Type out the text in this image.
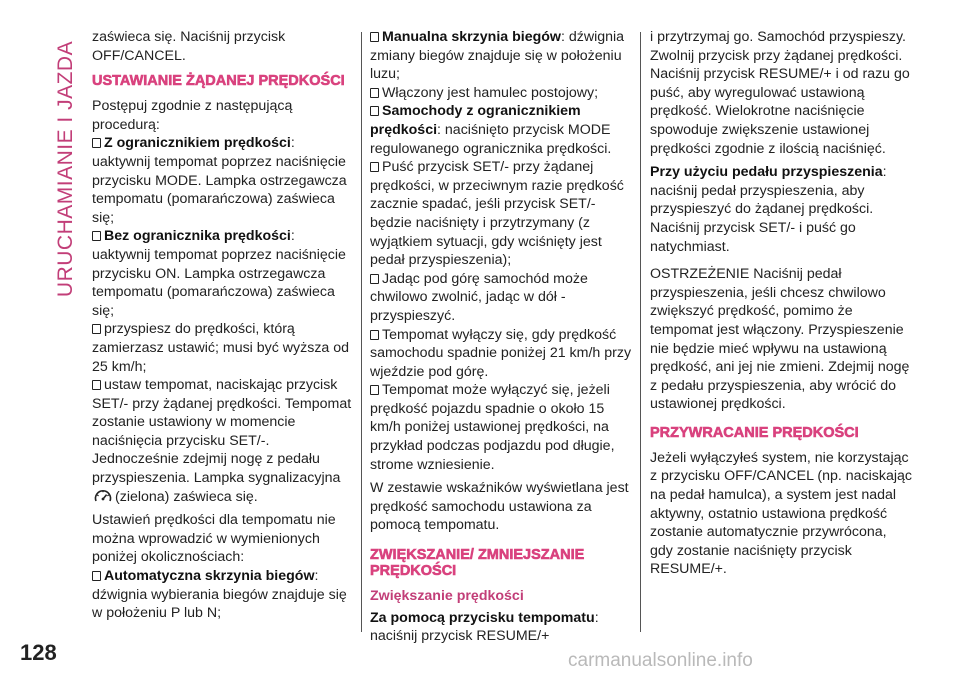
URUCHAMIANIE I JAZDA

zaświeca się. Naciśnij przycisk OFF/CANCEL.

USTAWIANIE ŻĄDANEJ PRĘDKOŚCI

Postępuj zgodnie z następującą procedurą:

Z ogranicznikiem prędkości: uaktywnij tempomat poprzez naciśnięcie przycisku MODE. Lampka ostrzegawcza tempomatu (pomarańczowa) zaświeca się;

Bez ogranicznika prędkości: uaktywnij tempomat poprzez naciśnięcie przycisku ON. Lampka ostrzegawcza tempomatu (pomarańczowa) zaświeca się;

przyspiesz do prędkości, którą zamierzasz ustawić; musi być wyższa od 25 km/h;

ustaw tempomat, naciskając przycisk SET/- przy żądanej prędkości. Tempomat zostanie ustawiony w momencie naciśnięcia przycisku SET/-. Jednocześnie zdejmij nogę z pedału przyspieszenia. Lampka sygnalizacyjna (zielona) zaświeca się.

Ustawień prędkości dla tempomatu nie można wprowadzić w wymienionych poniżej okolicznościach:

Automatyczna skrzynia biegów: dźwignia wybierania biegów znajduje się w położeniu P lub N;

Manualna skrzynia biegów: dźwignia zmiany biegów znajduje się w położeniu luzu;

Włączony jest hamulec postojowy;

Samochody z ogranicznikiem prędkości: naciśnięto przycisk MODE regulowanego ogranicznika prędkości.

Puść przycisk SET/- przy żądanej prędkości, w przeciwnym razie prędkość zacznie spadać, jeśli przycisk SET/- będzie naciśnięty i przytrzymany (z wyjątkiem sytuacji, gdy wciśnięty jest pedał przyspieszenia);

Jadąc pod górę samochód może chwilowo zwolnić, jadąc w dół - przyspieszyć.

Tempomat wyłączy się, gdy prędkość samochodu spadnie poniżej 21 km/h przy wjeździe pod górę.

Tempomat może wyłączyć się, jeżeli prędkość pojazdu spadnie o około 15 km/h poniżej ustawionej prędkości, na przykład podczas podjazdu pod długie, strome wzniesienie.

W zestawie wskaźników wyświetlana jest prędkość samochodu ustawiona za pomocą tempomatu.

ZWIĘKSZANIE/ ZMNIEJSZANIE PRĘDKOŚCI

Zwiększanie prędkości

Za pomocą przycisku tempomatu: naciśnij przycisk RESUME/+

i przytrzymaj go. Samochód przyspieszy. Zwolnij przycisk przy żądanej prędkości. Naciśnij przycisk RESUME/+ i od razu go puść, aby wyregulować ustawioną prędkość. Wielokrotne naciśnięcie spowoduje zwiększenie ustawionej prędkości zgodnie z ilością naciśnięć.

Przy użyciu pedału przyspieszenia: naciśnij pedał przyspieszenia, aby przyspieszyć do żądanej prędkości. Naciśnij przycisk SET/- i puść go natychmiast.

OSTRZEŻENIE Naciśnij pedał przyspieszenia, jeśli chcesz chwilowo zwiększyć prędkość, pomimo że tempomat jest włączony. Przyspieszenie nie będzie mieć wpływu na ustawioną prędkość, ani jej nie zmieni. Zdejmij nogę z pedału przyspieszenia, aby wrócić do ustawionej prędkości.

PRZYWRACANIE PRĘDKOŚCI

Jeżeli wyłączyłeś system, nie korzystając z przycisku OFF/CANCEL (np. naciskając na pedał hamulca), a system jest nadal aktywny, ostatnio ustawiona prędkość zostanie automatycznie przywrócona, gdy zostanie naciśnięty przycisk RESUME/+.

128	carmanualsonline.info
